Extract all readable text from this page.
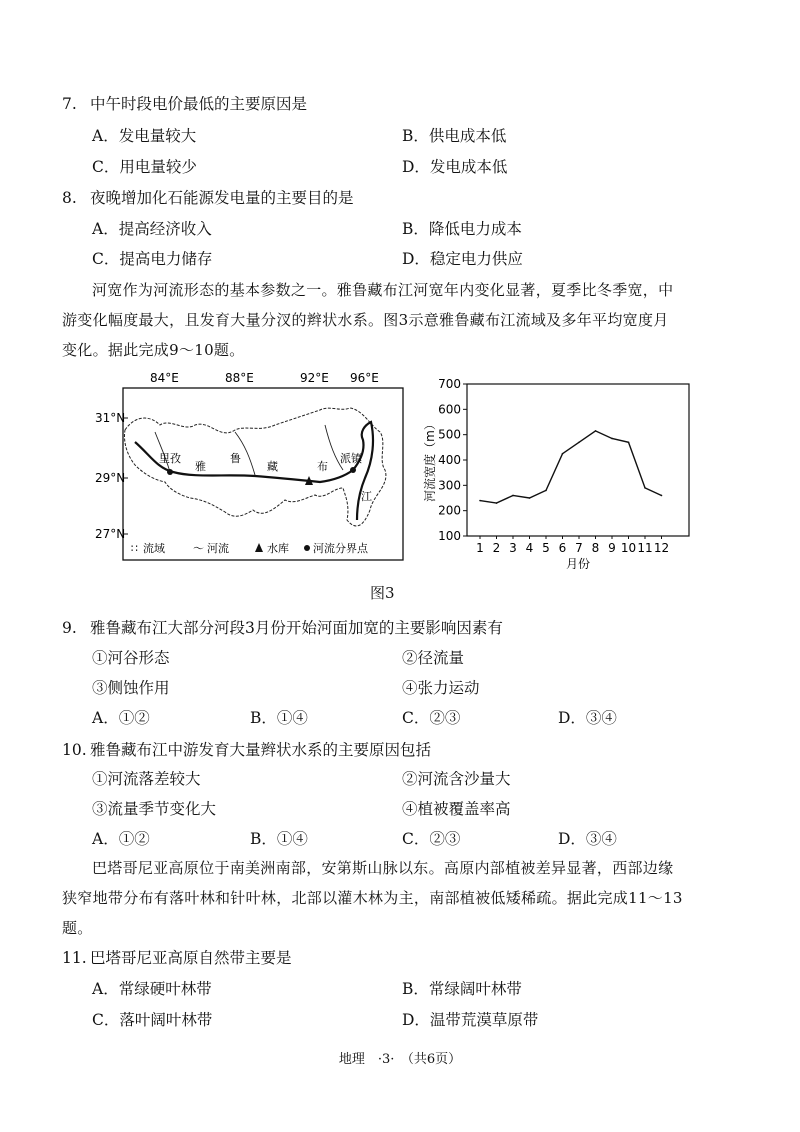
7. 中午时段电价最低的主要原因是
A．发电量较大	B．供电成本低
C．用电量较少	D．发电成本低
8. 夜晚增加化石能源发电量的主要目的是
A．提高经济收入	B．降低电力成本
C．提高电力储存	D．稳定电力供应
河宽作为河流形态的基本参数之一。雅鲁藏布江河宽年内变化显著，夏季比冬季宽，中
游变化幅度最大，且发育大量分汊的辫状水系。图3示意雅鲁藏布江流域及多年平均宽度月
变化。据此完成9～10题。
84°E	88°E	92°E 96°E
31°N
29°N
27°N
里孜
雅
鲁
藏	布
派镇
江
∷ 流域	〜 河流	水库 河流分界点
河流宽度（m）
月份
100
200
300
400
500
600
700
1 2 3 4 5 6 7 8 9 10 11 12
图3
9. 雅鲁藏布江大部分河段3月份开始河面加宽的主要影响因素有
①河谷形态	②径流量
③侧蚀作用	④张力运动
A．①②	B．①④	C．②③	D．③④
10. 雅鲁藏布江中游发育大量辫状水系的主要原因包括
①河流落差较大	②河流含沙量大
③流量季节变化大	④植被覆盖率高
A．①②	B．①④	C．②③	D．③④
巴塔哥尼亚高原位于南美洲南部，安第斯山脉以东。高原内部植被差异显著，西部边缘
狭窄地带分布有落叶林和针叶林，北部以灌木林为主，南部植被低矮稀疏。据此完成11～13
题。
11. 巴塔哥尼亚高原自然带主要是
A．常绿硬叶林带	B．常绿阔叶林带
C．落叶阔叶林带	D．温带荒漠草原带
地理　·3·　（共6页）
